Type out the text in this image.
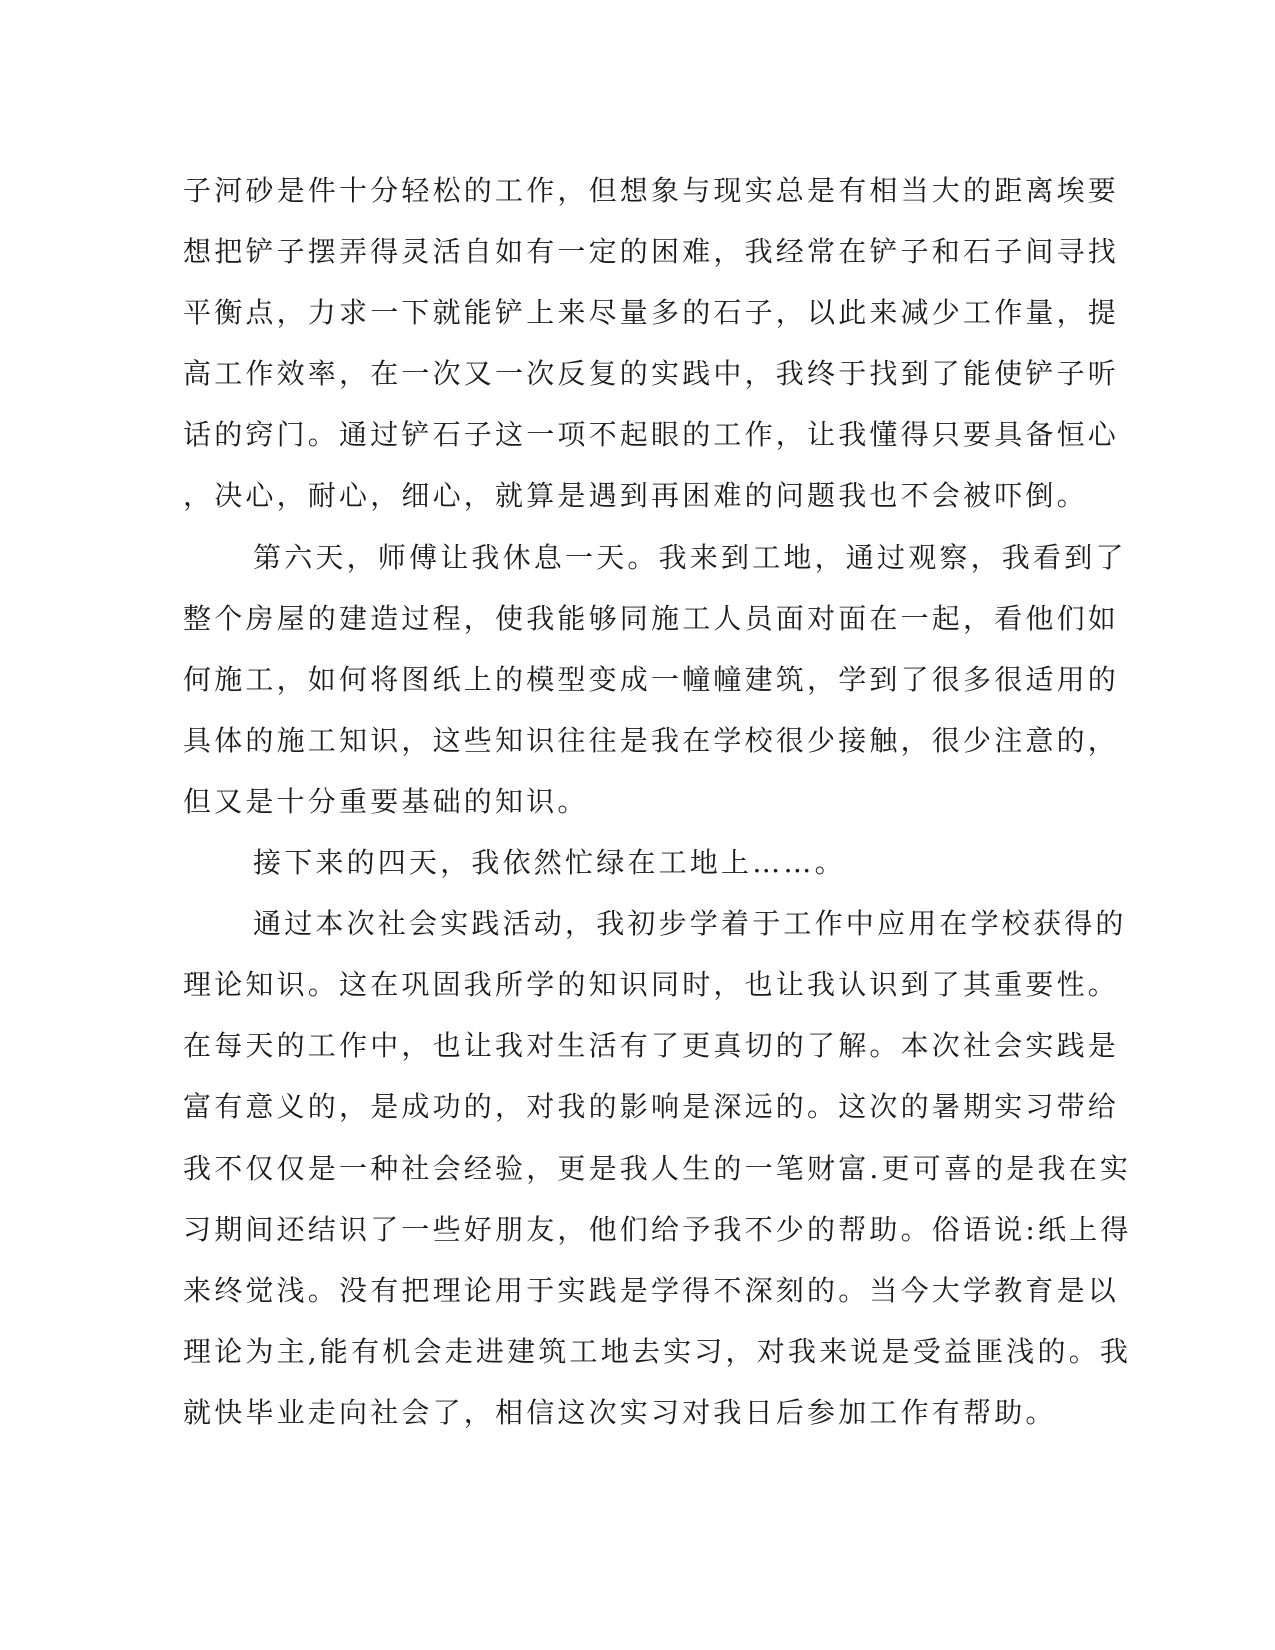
子河砂是件十分轻松的工作，但想象与现实总是有相当大的距离埃要
想把铲子摆弄得灵活自如有一定的困难，我经常在铲子和石子间寻找
平衡点，力求一下就能铲上来尽量多的石子，以此来减少工作量，提
高工作效率，在一次又一次反复的实践中，我终于找到了能使铲子听
话的窍门。通过铲石子这一项不起眼的工作，让我懂得只要具备恒心
，决心，耐心，细心，就算是遇到再困难的问题我也不会被吓倒。
第六天，师傅让我休息一天。我来到工地，通过观察，我看到了
整个房屋的建造过程，使我能够同施工人员面对面在一起，看他们如
何施工，如何将图纸上的模型变成一幢幢建筑，学到了很多很适用的
具体的施工知识，这些知识往往是我在学校很少接触，很少注意的，
但又是十分重要基础的知识。
接下来的四天，我依然忙绿在工地上……。
通过本次社会实践活动，我初步学着于工作中应用在学校获得的
理论知识。这在巩固我所学的知识同时，也让我认识到了其重要性。
在每天的工作中，也让我对生活有了更真切的了解。本次社会实践是
富有意义的，是成功的，对我的影响是深远的。这次的暑期实习带给
我不仅仅是一种社会经验，更是我人生的一笔财富.更可喜的是我在实
习期间还结识了一些好朋友，他们给予我不少的帮助。俗语说:纸上得
来终觉浅。没有把理论用于实践是学得不深刻的。当今大学教育是以
理论为主,能有机会走进建筑工地去实习，对我来说是受益匪浅的。我
就快毕业走向社会了，相信这次实习对我日后参加工作有帮助。
